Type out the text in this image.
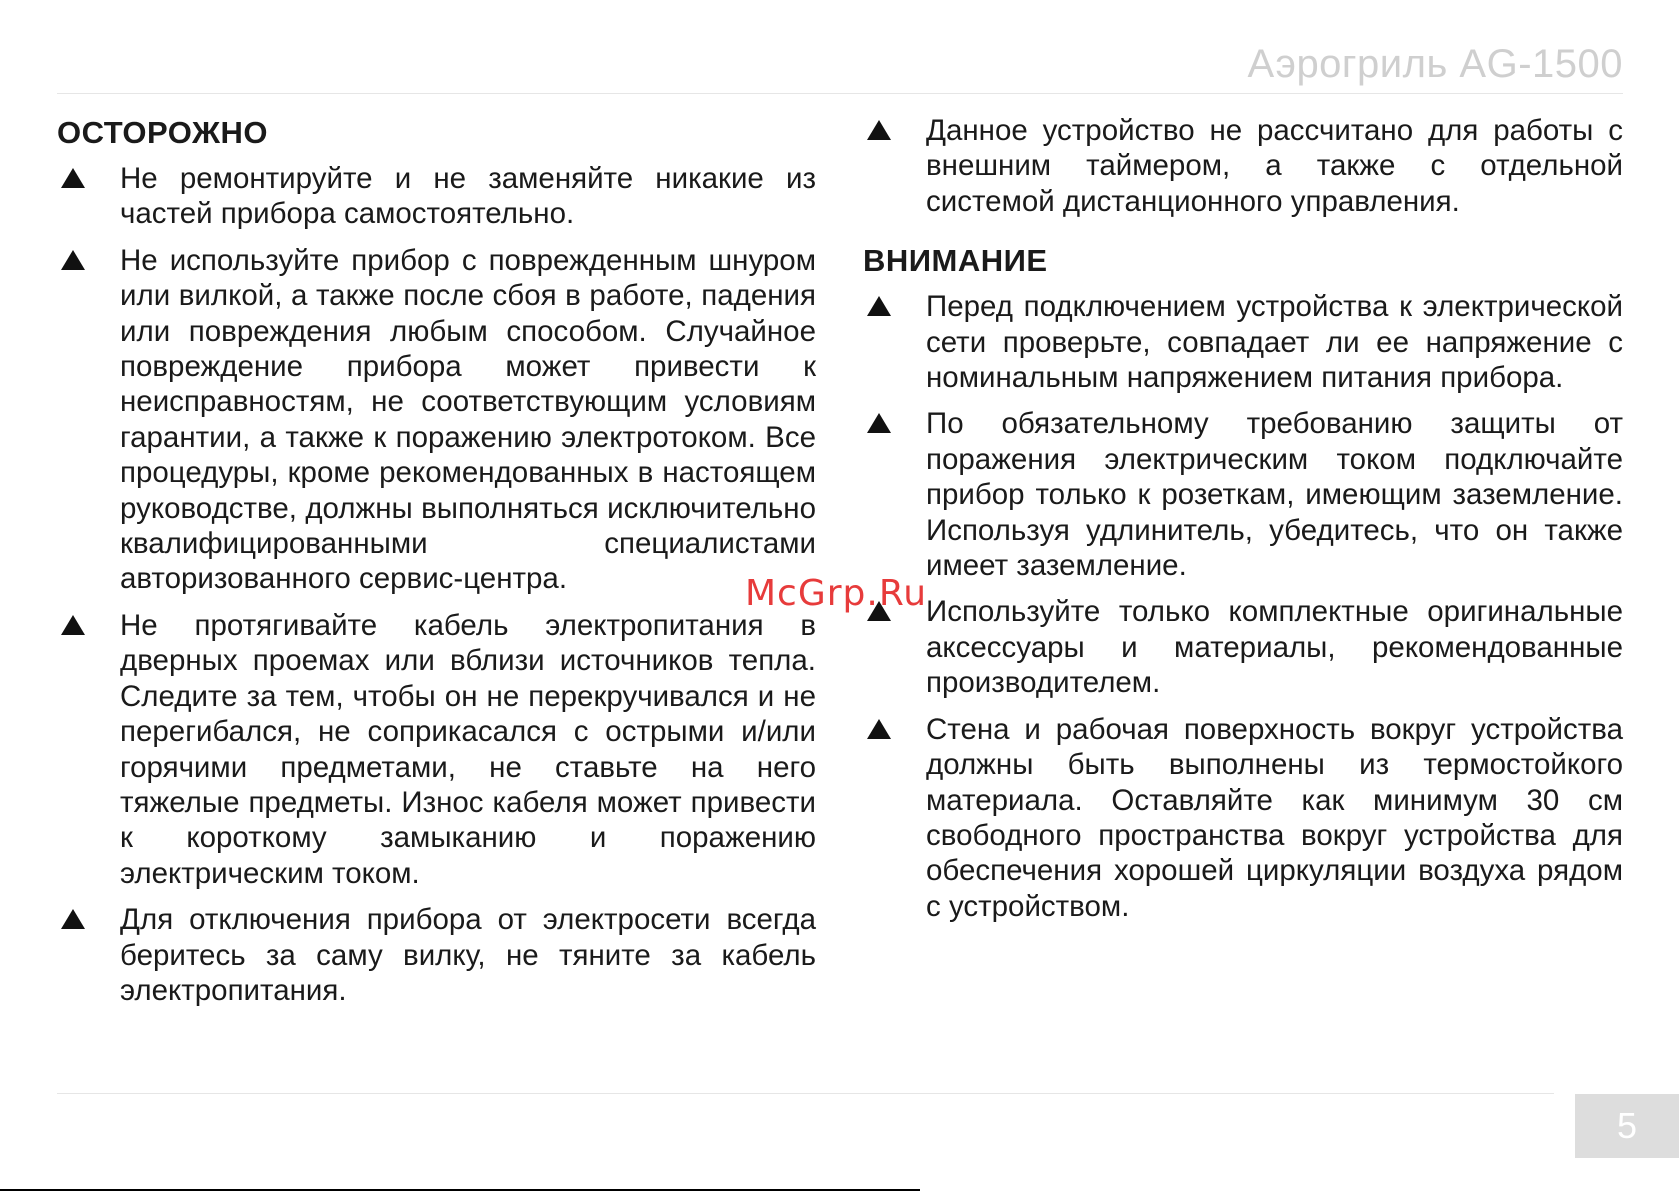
Аэрогриль AG-1500
ОСТОРОЖНО
Не ремонтируйте и не заменяйте никакие из частей прибора самостоятельно.
Не используйте прибор с поврежденным шнуром или вилкой, а также после сбоя в работе, падения или повреждения любым способом. Случайное повреждение прибора может привести к неисправностям, не соответствующим условиям гарантии, а также к поражению электротоком. Все процедуры, кроме рекомендованных в настоящем руководстве, должны выполняться исключительно квалифицированными специалистами авторизованного сервис-центра.
Не протягивайте кабель электропитания в дверных проемах или вблизи источников тепла. Следите за тем, чтобы он не перекручивался и не перегибался, не соприкасался с острыми и/или горячими предметами, не ставьте на него тяжелые предметы. Износ кабеля может привести к короткому замыканию и поражению электрическим током.
Для отключения прибора от электросети всегда беритесь за саму вилку, не тяните за кабель электропитания.
Данное устройство не рассчитано для работы с внешним таймером, а также с отдельной системой дистанционного управления.
ВНИМАНИЕ
Перед подключением устройства к электрической сети проверьте, совпадает ли ее напряжение с номинальным напряжением питания прибора.
По обязательному требованию защиты от поражения электрическим током подключайте прибор только к розеткам, имеющим заземление. Используя удлинитель, убедитесь, что он также имеет заземление.
Используйте только комплектные оригинальные аксессуары и материалы, рекомендованные производителем.
Стена и рабочая поверхность вокруг устройства должны быть выполнены из термостойкого материала. Оставляйте как минимум 30 см свободного пространства вокруг устройства для обеспечения хорошей циркуляции воздуха рядом с устройством.
McGrp.Ru
5
